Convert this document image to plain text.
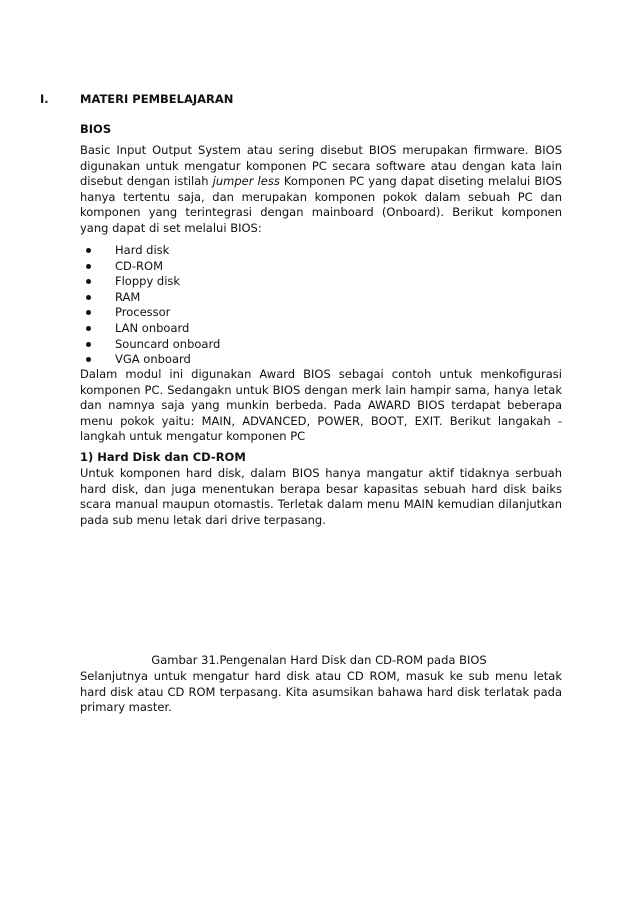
I.	MATERI PEMBELAJARAN
BIOS

Basic Input Output System atau sering disebut BIOS merupakan firmware. BIOS digunakan untuk mengatur komponen PC secara software atau dengan kata lain disebut dengan istilah jumper less Komponen PC yang dapat diseting melalui BIOS hanya tertentu saja, dan merupakan komponen pokok dalam sebuah PC dan komponen yang terintegrasi dengan mainboard (Onboard). Berikut komponen yang dapat di set melalui BIOS:

Hard disk
CD-ROM
Floppy disk
RAM
Processor
LAN onboard
Souncard onboard
VGA onboard

Dalam modul ini digunakan Award BIOS sebagai contoh untuk menkofigurasi komponen PC. Sedangakn untuk BIOS dengan merk lain hampir sama, hanya letak dan namnya saja yang munkin berbeda. Pada AWARD BIOS terdapat beberapa menu pokok yaitu: MAIN, ADVANCED, POWER, BOOT, EXIT. Berikut langakah - langkah untuk mengatur komponen PC

1) Hard Disk dan CD-ROM

Untuk komponen hard disk, dalam BIOS hanya mangatur aktif tidaknya serbuah hard disk, dan juga menentukan berapa besar kapasitas sebuah hard disk baiks scara manual maupun otomastis. Terletak dalam menu MAIN kemudian dilanjutkan pada sub menu letak dari drive terpasang.

Gambar 31.Pengenalan Hard Disk dan CD-ROM pada BIOS

Selanjutnya untuk mengatur hard disk atau CD ROM, masuk ke sub menu letak hard disk atau CD ROM terpasang. Kita asumsikan bahawa hard disk terlatak pada primary master.
